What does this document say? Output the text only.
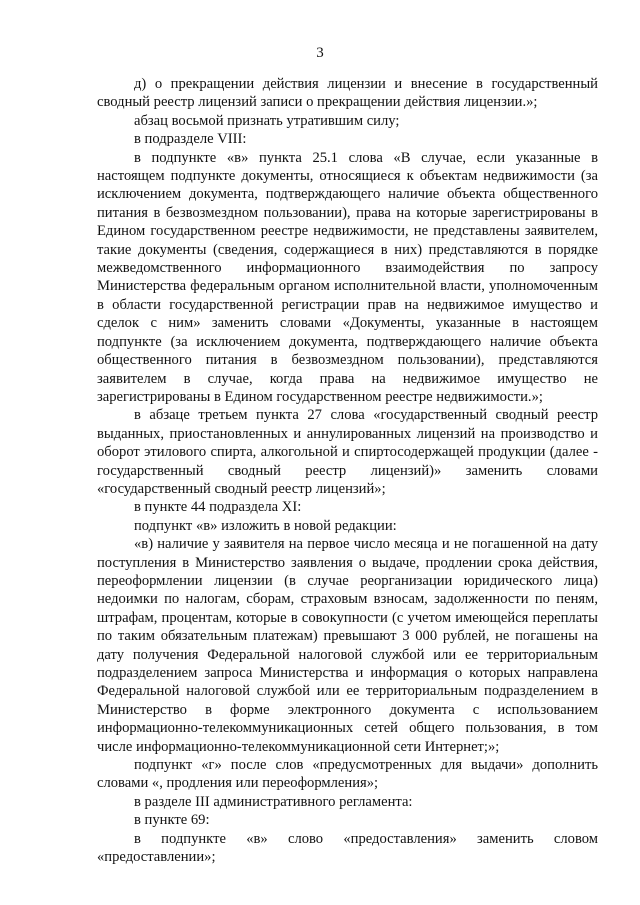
3

д) о прекращении действия лицензии и внесение в государственный сводный реестр лицензий записи о прекращении действия лицензии.»;

абзац восьмой признать утратившим силу;

в подразделе VIII:

в подпункте «в» пункта 25.1 слова «В случае, если указанные в настоящем подпункте документы, относящиеся к объектам недвижимости (за исключением документа, подтверждающего наличие объекта общественного питания в безвозмездном пользовании), права на которые зарегистрированы в Едином государственном реестре недвижимости, не представлены заявителем, такие документы (сведения, содержащиеся в них) представляются в порядке межведомственного информационного взаимодействия по запросу Министерства федеральным органом исполнительной власти, уполномоченным в области государственной регистрации прав на недвижимое имущество и сделок с ним» заменить словами «Документы, указанные в настоящем подпункте (за исключением документа, подтверждающего наличие объекта общественного питания в безвозмездном пользовании), представляются заявителем в случае, когда права на недвижимое имущество не зарегистрированы в Едином государственном реестре недвижимости.»;

в абзаце третьем пункта 27 слова «государственный сводный реестр выданных, приостановленных и аннулированных лицензий на производство и оборот этилового спирта, алкогольной и спиртосодержащей продукции (далее - государственный сводный реестр лицензий)» заменить словами «государственный сводный реестр лицензий»;

в пункте 44 подраздела XI:

подпункт «в» изложить в новой редакции:

«в) наличие у заявителя на первое число месяца и не погашенной на дату поступления в Министерство заявления о выдаче, продлении срока действия, переоформлении лицензии (в случае реорганизации юридического лица) недоимки по налогам, сборам, страховым взносам, задолженности по пеням, штрафам, процентам, которые в совокупности (с учетом имеющейся переплаты по таким обязательным платежам) превышают 3 000 рублей, не погашены на дату получения Федеральной налоговой службой или ее территориальным подразделением запроса Министерства и информация о которых направлена Федеральной налоговой службой или ее территориальным подразделением в Министерство в форме электронного документа с использованием информационно-телекоммуникационных сетей общего пользования, в том числе информационно-телекоммуникационной сети Интернет;»;

подпункт «г» после слов «предусмотренных для выдачи» дополнить словами «, продления или переоформления»;

в разделе III административного регламента:

в пункте 69:

в подпункте «в» слово «предоставления» заменить словом «предоставлении»;
